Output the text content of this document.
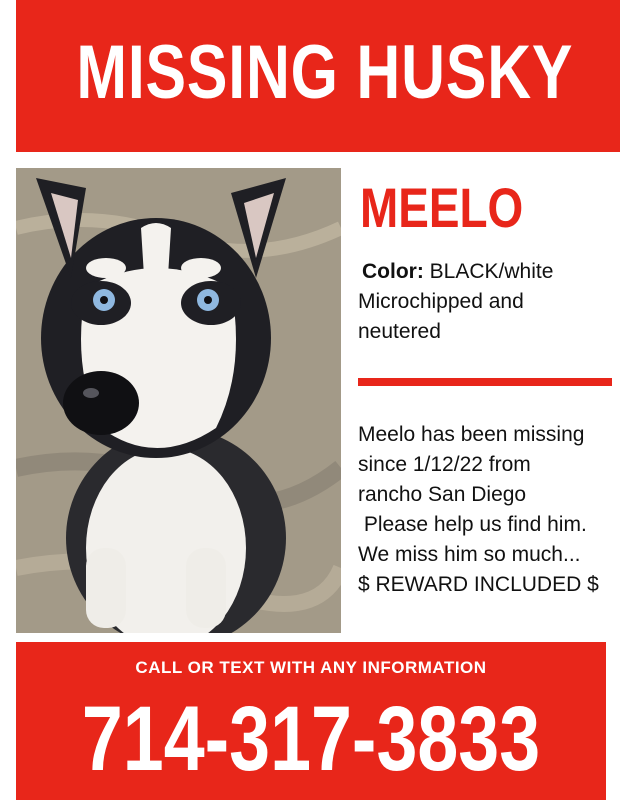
MISSING HUSKY
MEELO
Color: BLACK/white
Microchipped and
neutered
Meelo has been missing
since 1/12/22 from
rancho San Diego
Please help us find him.
We miss him so much...
$ REWARD INCLUDED $
CALL OR TEXT WITH ANY INFORMATION
714-317-3833
